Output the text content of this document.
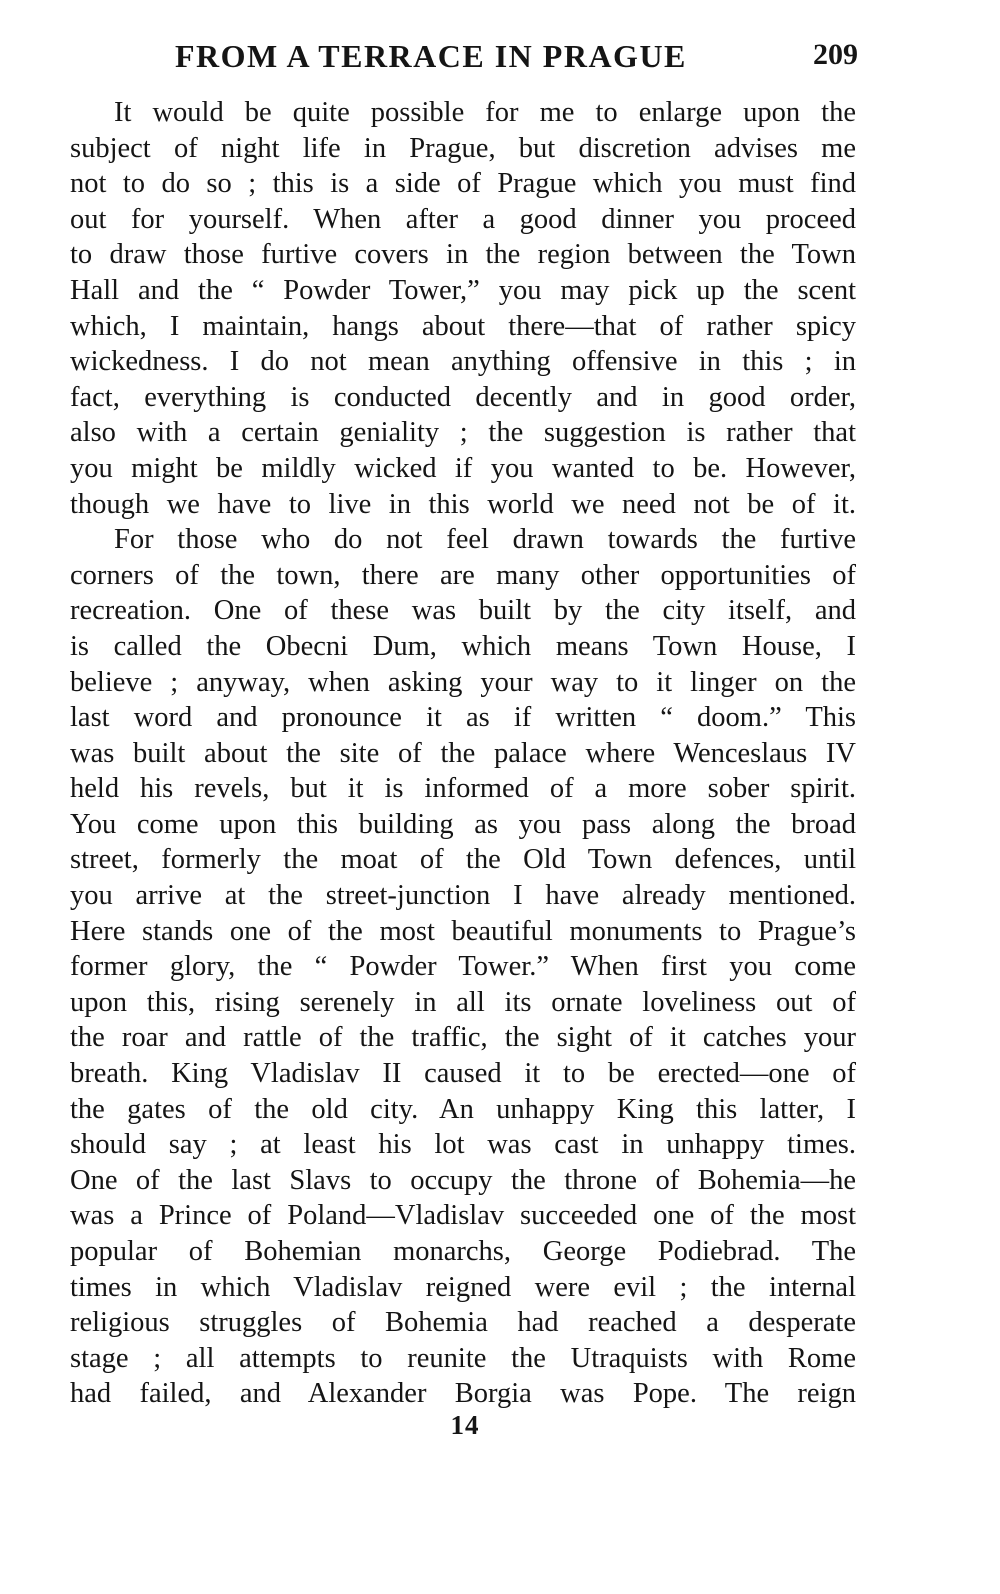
FROM A TERRACE IN PRAGUE	209
It would be quite possible for me to enlarge upon the
subject of night life in Prague, but discretion advises me
not to do so ; this is a side of Prague which you must find
out for yourself. When after a good dinner you proceed
to draw those furtive covers in the region between the Town
Hall and the “ Powder Tower,” you may pick up the scent
which, I maintain, hangs about there—that of rather spicy
wickedness. I do not mean anything offensive in this ; in
fact, everything is conducted decently and in good order,
also with a certain geniality ; the suggestion is rather that
you might be mildly wicked if you wanted to be. However,
though we have to live in this world we need not be of it.
For those who do not feel drawn towards the furtive
corners of the town, there are many other opportunities of
recreation. One of these was built by the city itself, and
is called the Obecni Dum, which means Town House, I
believe ; anyway, when asking your way to it linger on the
last word and pronounce it as if written “ doom.” This
was built about the site of the palace where Wenceslaus IV
held his revels, but it is informed of a more sober spirit.
You come upon this building as you pass along the broad
street, formerly the moat of the Old Town defences, until
you arrive at the street-junction I have already mentioned.
Here stands one of the most beautiful monuments to Prague’s
former glory, the “ Powder Tower.” When first you come
upon this, rising serenely in all its ornate loveliness out of
the roar and rattle of the traffic, the sight of it catches your
breath. King Vladislav II caused it to be erected—one of
the gates of the old city. An unhappy King this latter, I
should say ; at least his lot was cast in unhappy times.
One of the last Slavs to occupy the throne of Bohemia—he
was a Prince of Poland—Vladislav succeeded one of the most
popular of Bohemian monarchs, George Podiebrad. The
times in which Vladislav reigned were evil ; the internal
religious struggles of Bohemia had reached a desperate
stage ; all attempts to reunite the Utraquists with Rome
had failed, and Alexander Borgia was Pope. The reign
14
